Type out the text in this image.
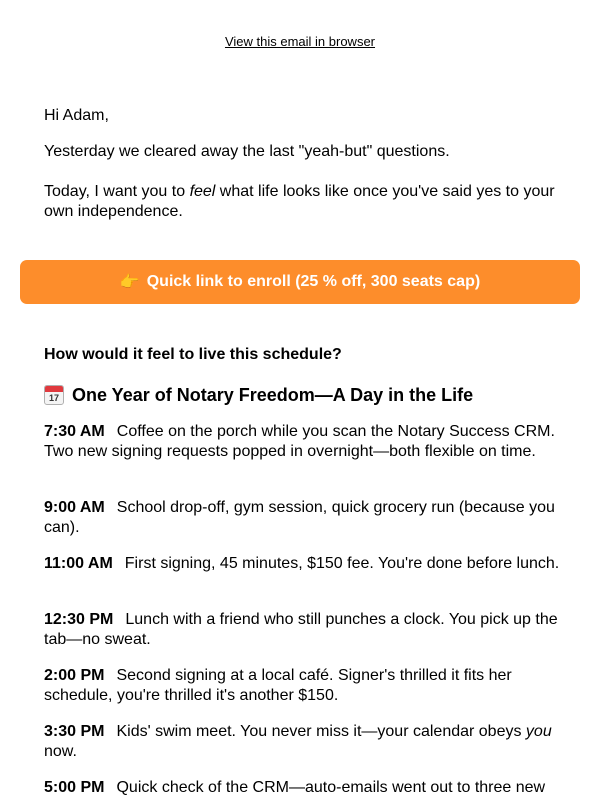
View this email in browser

Hi Adam,

Yesterday we cleared away the last "yeah-but" questions.

Today, I want you to feel what life looks like once you've said yes to your own independence.

👉 Quick link to enroll (25 % off, 300 seats cap)

How would it feel to live this schedule?

17 One Year of Notary Freedom—A Day in the Life

7:30 AM Coffee on the porch while you scan the Notary Success CRM. Two new signing requests popped in overnight—both flexible on time.

9:00 AM School drop-off, gym session, quick grocery run (because you can).

11:00 AM First signing, 45 minutes, $150 fee. You're done before lunch.

12:30 PM Lunch with a friend who still punches a clock. You pick up the tab—no sweat.

2:00 PM Second signing at a local café. Signer's thrilled it fits her schedule, you're thrilled it's another $150.

3:30 PM Kids' swim meet. You never miss it—your calendar obeys you now.

5:00 PM Quick check of the CRM—auto-emails went out to three new
